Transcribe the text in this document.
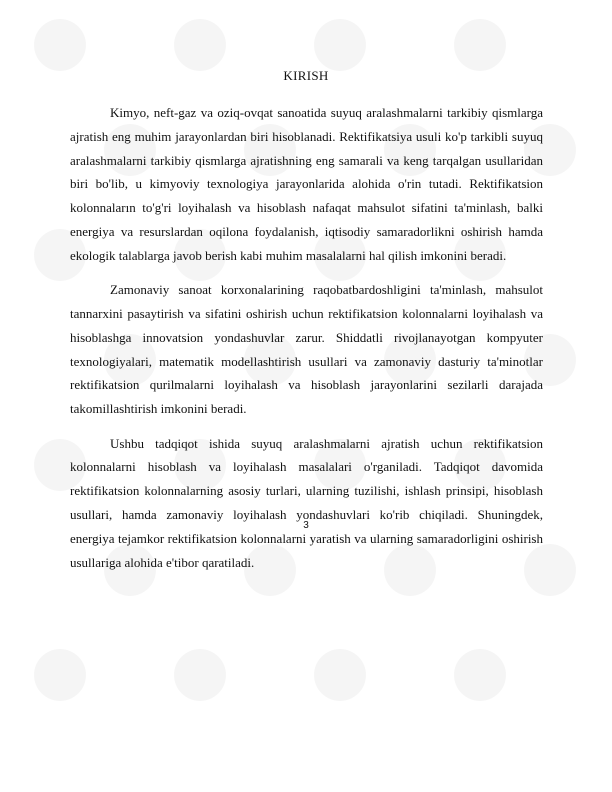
KIRISH

Kimyo, neft-gaz va oziq-ovqat sanoatida suyuq aralashmalarni tarkibiy qismlarga ajratish eng muhim jarayonlardan biri hisoblanadi. Rektifikatsiya usuli ko'p tarkibli suyuq aralashmalarni tarkibiy qismlarga ajratishning eng samarali va keng tarqalgan usullaridan biri bo'lib, u kimyoviy texnologiya jarayonlarida alohida o'rin tutadi. Rektifikatsion kolonnaların to'g'ri loyihalash va hisoblash nafaqat mahsulot sifatini ta'minlash, balki energiya va resurslardan oqilona foydalanish, iqtisodiy samaradorlikni oshirish hamda ekologik talablarga javob berish kabi muhim masalalarni hal qilish imkonini beradi.

Zamonaviy sanoat korxonalarining raqobatbardoshligini ta'minlash, mahsulot tannarxini pasaytirish va sifatini oshirish uchun rektifikatsion kolonnalarni loyihalash va hisoblashga innovatsion yondashuvlar zarur. Shiddatli rivojlanayotgan kompyuter texnologiyalari, matematik modellashtirish usullari va zamonaviy dasturiy ta'minotlar rektifikatsion qurilmalarni loyihalash va hisoblash jarayonlarini sezilarli darajada takomillashtirish imkonini beradi.

Ushbu tadqiqot ishida suyuq aralashmalarni ajratish uchun rektifikatsion kolonnalarni hisoblash va loyihalash masalalari o'rganiladi. Tadqiqot davomida rektifikatsion kolonnalarning asosiy turlari, ularning tuzilishi, ishlash prinsipi, hisoblash usullari, hamda zamonaviy loyihalash yondashuvlari ko'rib chiqiladi. Shuningdek, energiya tejamkor rektifikatsion kolonnalarni yaratish va ularning samaradorligini oshirish usullariga alohida e'tibor qaratiladi.

3
